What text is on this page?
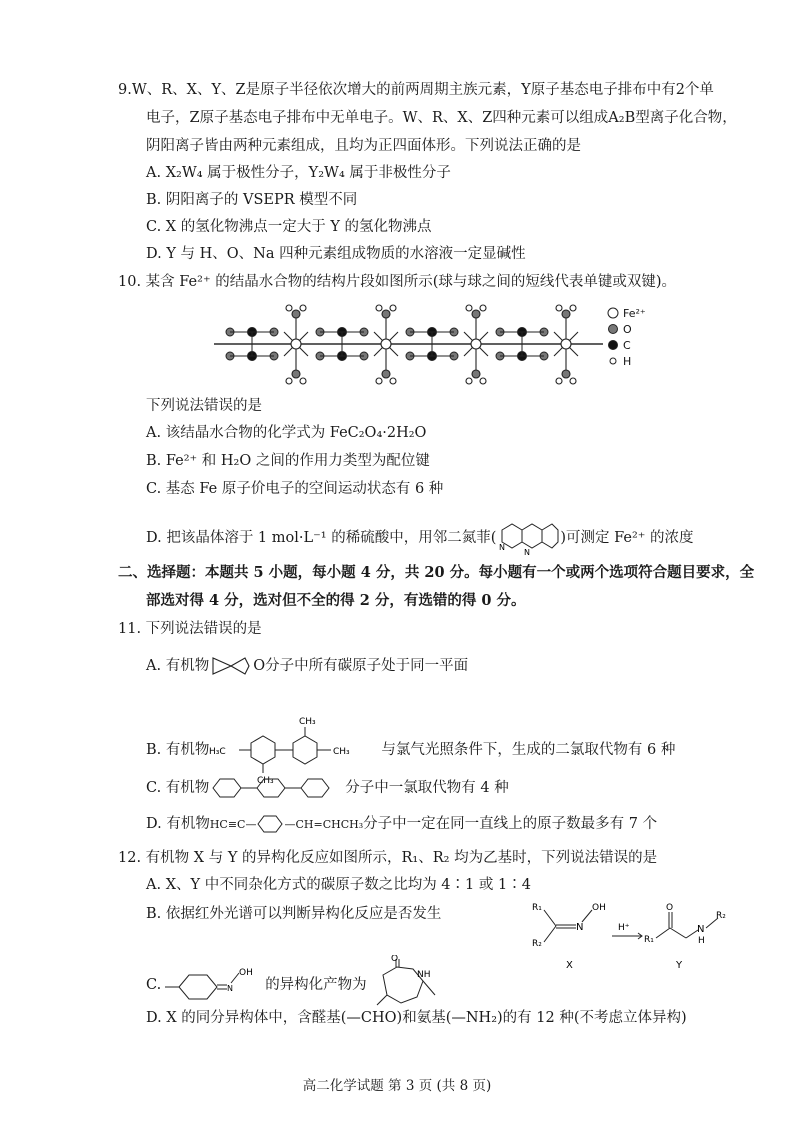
9.W、R、X、Y、Z是原子半径依次增大的前两周期主族元素，Y原子基态电子排布中有2个单
电子，Z原子基态电子排布中无单电子。W、R、X、Z四种元素可以组成A₂B型离子化合物，
阴阳离子皆由两种元素组成，且均为正四面体形。下列说法正确的是
A. X₂W₄ 属于极性分子，Y₂W₄ 属于非极性分子
B. 阴阳离子的 VSEPR 模型不同
C. X 的氢化物沸点一定大于 Y 的氢化物沸点
D. Y 与 H、O、Na 四种元素组成物质的水溶液一定显碱性
10. 某含 Fe²⁺ 的结晶水合物的结构片段如图所示(球与球之间的短线代表单键或双键)。
Fe²⁺
O
C
H
下列说法错误的是
A. 该结晶水合物的化学式为 FeC₂O₄·2H₂O
B. Fe²⁺ 和 H₂O 之间的作用力类型为配位键
C. 基态 Fe 原子价电子的空间运动状态有 6 种
D. 把该晶体溶于 1 mol·L⁻¹ 的稀硫酸中，用邻二氮菲(
N
N
)可测定 Fe²⁺ 的浓度
二、选择题：本题共 5 小题，每小题 4 分，共 20 分。每小题有一个或两个选项符合题目要求，全
部选对得 4 分，选对但不全的得 2 分，有选错的得 0 分。
11. 下列说法错误的是
A. 有机物	O分子中所有碳原子处于同一平面
B. 有机物 H₃C	CH₃
CH₃
CH₃
与氯气光照条件下，生成的二氯取代物有 6 种
C. 有机物	分子中一氯取代物有 4 种
D. 有机物HC≡C—	—CH=CHCH₃分子中一定在同一直线上的原子数最多有 7 个
12. 有机物 X 与 Y 的异构化反应如图所示，R₁、R₂ 均为乙基时，下列说法错误的是
A. X、Y 中不同杂化方式的碳原子数之比均为 4∶1 或 1∶4
B. 依据红外光谱可以判断异构化反应是否发生	R₁
R₂
N
OH
H⁺
R₁
O
N
H
R₂
X	Y
C.	N
OH
的异构化产物为
O
NH
D. X 的同分异构体中，含醛基(—CHO)和氨基(—NH₂)的有 12 种(不考虑立体异构)
高二化学试题 第 3 页 (共 8 页)
